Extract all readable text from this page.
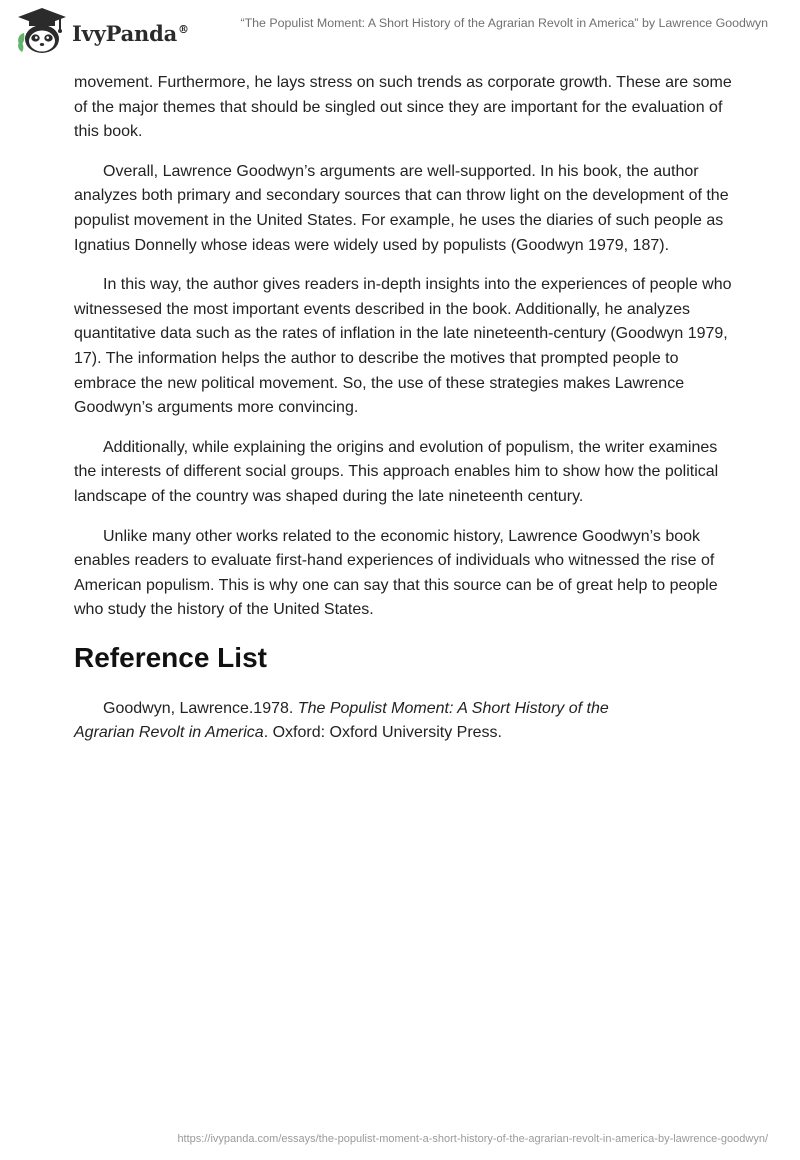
IvyPanda®	“The Populist Moment: A Short History of the Agrarian Revolt in America” by Lawrence Goodwyn

movement. Furthermore, he lays stress on such trends as corporate growth. These are some of the major themes that should be singled out since they are important for the evaluation of this book.

Overall, Lawrence Goodwyn’s arguments are well-supported. In his book, the author analyzes both primary and secondary sources that can throw light on the development of the populist movement in the United States. For example, he uses the diaries of such people as Ignatius Donnelly whose ideas were widely used by populists (Goodwyn 1979, 187).

In this way, the author gives readers in-depth insights into the experiences of people who witnessesed the most important events described in the book. Additionally, he analyzes quantitative data such as the rates of inflation in the late nineteenth-century (Goodwyn 1979, 17). The information helps the author to describe the motives that prompted people to embrace the new political movement. So, the use of these strategies makes Lawrence Goodwyn’s arguments more convincing.

Additionally, while explaining the origins and evolution of populism, the writer examines the interests of different social groups. This approach enables him to show how the political landscape of the country was shaped during the late nineteenth century.

Unlike many other works related to the economic history, Lawrence Goodwyn’s book enables readers to evaluate first-hand experiences of individuals who witnessed the rise of American populism. This is why one can say that this source can be of great help to people who study the history of the United States.

Reference List

Goodwyn, Lawrence.1978. The Populist Moment: A Short History of the Agrarian Revolt in America. Oxford: Oxford University Press.

https://ivypanda.com/essays/the-populist-moment-a-short-history-of-the-agrarian-revolt-in-america-by-lawrence-goodwyn/
